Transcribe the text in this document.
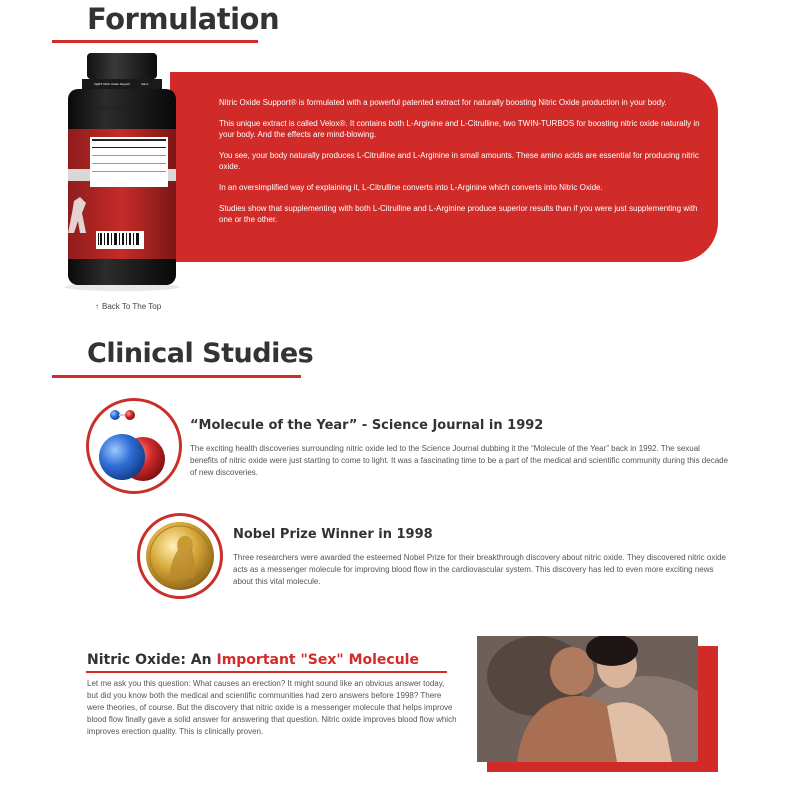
Formulation

Nitric Oxide Support® is formulated with a powerful patented extract for naturally boosting Nitric Oxide production in your body.

This unique extract is called Velox®. It contains both L-Arginine and L-Citrulline, two TWIN-TURBOS for boosting nitric oxide naturally in your body. And the effects are mind-blowing.

You see, your body naturally produces L-Citrulline and L-Arginine in small amounts. These amino acids are essential for producing nitric oxide.

In an oversimplified way of explaining it, L-Citrulline converts into L-Arginine which converts into Nitric Oxide.

Studies show that supplementing with both L-Citrulline and L-Arginine produce superior results than if you were just supplementing with one or the other.

VigRX Nitric Oxide Support	Velox
Supplement Facts
↑ Back To The Top
Clinical Studies
“Molecule of the Year” - Science Journal in 1992

The exciting health discoveries surrounding nitric oxide led to the Science Journal dubbing it the “Molecule of the Year” back in 1992. The sexual benefits of nitric oxide were just starting to come to light. It was a fascinating time to be a part of the medical and scientific community during this decade of new discoveries.

Nobel Prize Winner in 1998

Three researchers were awarded the esteemed Nobel Prize for their breakthrough discovery about nitric oxide. They discovered nitric oxide acts as a messenger molecule for improving blood flow in the cardiovascular system. This discovery has led to even more exciting news about this vital molecule.

Nitric Oxide: An Important "Sex" Molecule

Let me ask you this question: What causes an erection? It might sound like an obvious answer today, but did you know both the medical and scientific communities had zero answers before 1998? There were theories, of course. But the discovery that nitric oxide is a messenger molecule that helps improve blood flow finally gave a solid answer for answering that question. Nitric oxide improves blood flow which improves erection quality. This is clinically proven.
